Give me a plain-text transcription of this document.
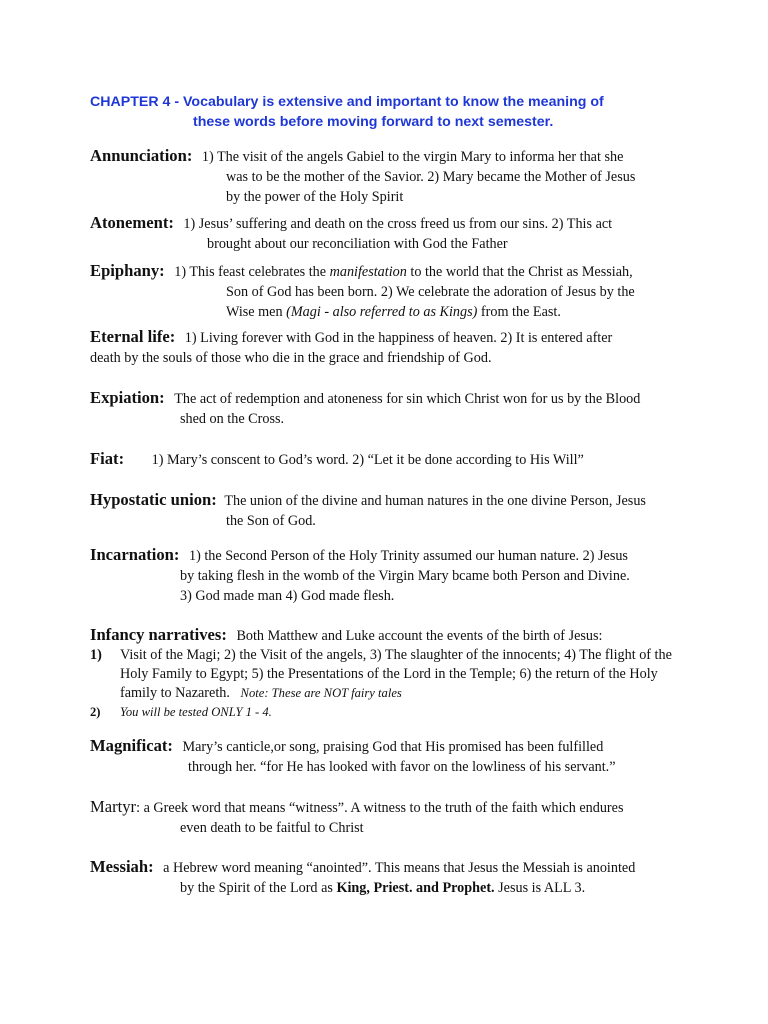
CHAPTER 4 - Vocabulary is extensive and important to know the meaning of
these words before moving forward to next semester.
Annunciation: 1) The visit of the angels Gabiel to the virgin Mary to informa her that she
was to be the mother of the Savior. 2) Mary became the Mother of Jesus
by the power of the Holy Spirit
Atonement: 1) Jesus’ suffering and death on the cross freed us from our sins. 2) This act
brought about our reconciliation with God the Father
Epiphany: 1) This feast celebrates the manifestation to the world that the Christ as Messiah,
Son of God has been born. 2) We celebrate the adoration of Jesus by the
Wise men (Magi - also referred to as Kings) from the East.
Eternal life: 1) Living forever with God in the happiness of heaven. 2) It is entered after
death by the souls of those who die in the grace and friendship of God.
Expiation: The act of redemption and atoneness for sin which Christ won for us by the Blood
shed on the Cross.
Fiat: 1) Mary’s conscent to God’s word. 2) “Let it be done according to His Will”
Hypostatic union: The union of the divine and human natures in the one divine Person, Jesus
the Son of God.
Incarnation: 1) the Second Person of the Holy Trinity assumed our human nature. 2) Jesus
by taking flesh in the womb of the Virgin Mary bcame both Person and Divine.
3) God made man 4) God made flesh.
Infancy narratives: Both Matthew and Luke account the events of the birth of Jesus:
1)	Visit of the Magi; 2) the Visit of the angels, 3) The slaughter of the innocents; 4) The flight of the Holy Family to Egypt; 5) the Presentations of the Lord in the Temple; 6) the return of the Holy family to Nazareth. Note: These are NOT fairy tales
2)	You will be tested ONLY 1 - 4.
Magnificat: Mary’s canticle,or song, praising God that His promised has been fulfilled
through her. “for He has looked with favor on the lowliness of his servant.”
Martyr: a Greek word that means “witness”. A witness to the truth of the faith which endures
even death to be faitful to Christ
Messiah: a Hebrew word meaning “anointed”. This means that Jesus the Messiah is anointed
by the Spirit of the Lord as King, Priest. and Prophet. Jesus is ALL 3.
